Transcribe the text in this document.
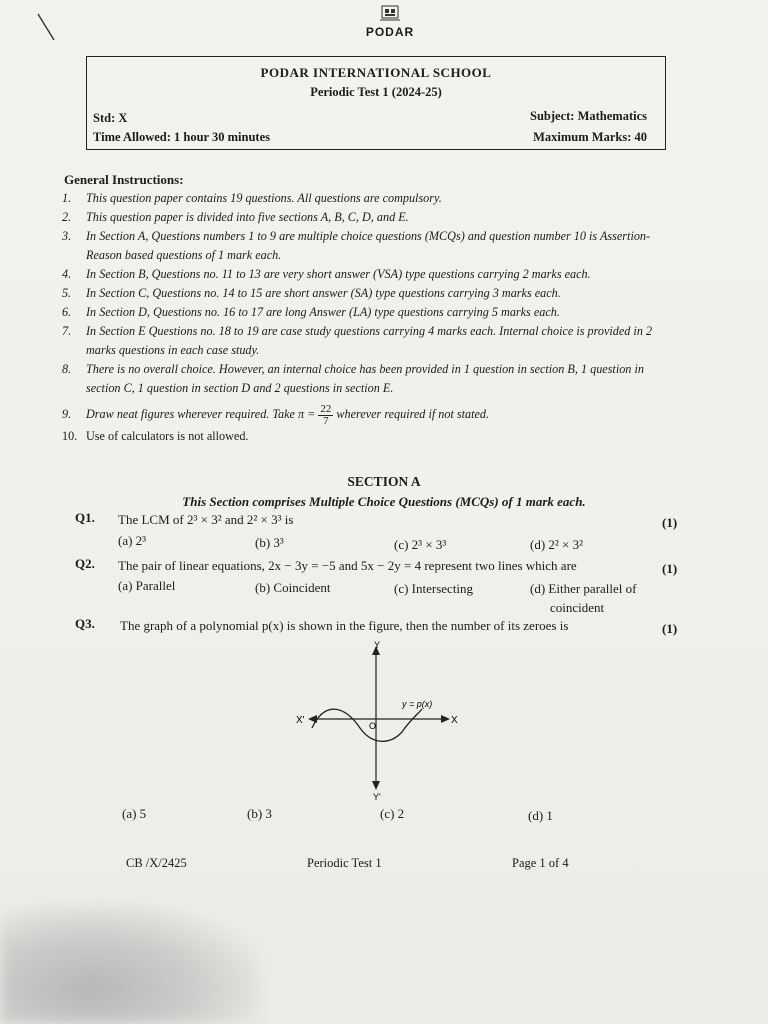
PODAR
PODAR INTERNATIONAL SCHOOL
Periodic Test 1 (2024-25)
Std: X
Time Allowed: 1 hour 30 minutes
Subject: Mathematics
Maximum Marks: 40
General Instructions:
1. This question paper contains 19 questions. All questions are compulsory.
2. This question paper is divided into five sections A, B, C, D, and E.
3. In Section A, Questions numbers 1 to 9 are multiple choice questions (MCQs) and question number 10 is Assertion-Reason based questions of 1 mark each.
4. In Section B, Questions no. 11 to 13 are very short answer (VSA) type questions carrying 2 marks each.
5. In Section C, Questions no. 14 to 15 are short answer (SA) type questions carrying 3 marks each.
6. In Section D, Questions no. 16 to 17 are long Answer (LA) type questions carrying 5 marks each.
7. In Section E Questions no. 18 to 19 are case study questions carrying 4 marks each. Internal choice is provided in 2 marks questions in each case study.
8. There is no overall choice. However, an internal choice has been provided in 1 question in section B, 1 question in section C, 1 question in section D and 2 questions in section E.
9. Draw neat figures wherever required. Take $\pi = \frac{22}{7}$ wherever required if not stated.
10. Use of calculators is not allowed.
SECTION A
This Section comprises Multiple Choice Questions (MCQs) of 1 mark each.
Q1. The LCM of 2³ × 3² and 2² × 3³ is	(1)
(a) 2³	(b) 3³	(c) 2³ × 3³	(d) 2² × 3²
Q2. The pair of linear equations, 2x − 3y = −5 and 5x − 2y = 4 represent two lines which are	(1)
(a) Parallel	(b) Coincident	(c) Intersecting	(d) Either parallel of
coincident
Q3. The graph of a polynomial p(x) is shown in the figure, then the number of its zeroes is	(1)
Y
Y'
X
X'	O
y = p(x)
(a) 5	(b) 3	(c) 2	(d) 1
CB /X/2425	Periodic Test 1	Page 1 of 4
